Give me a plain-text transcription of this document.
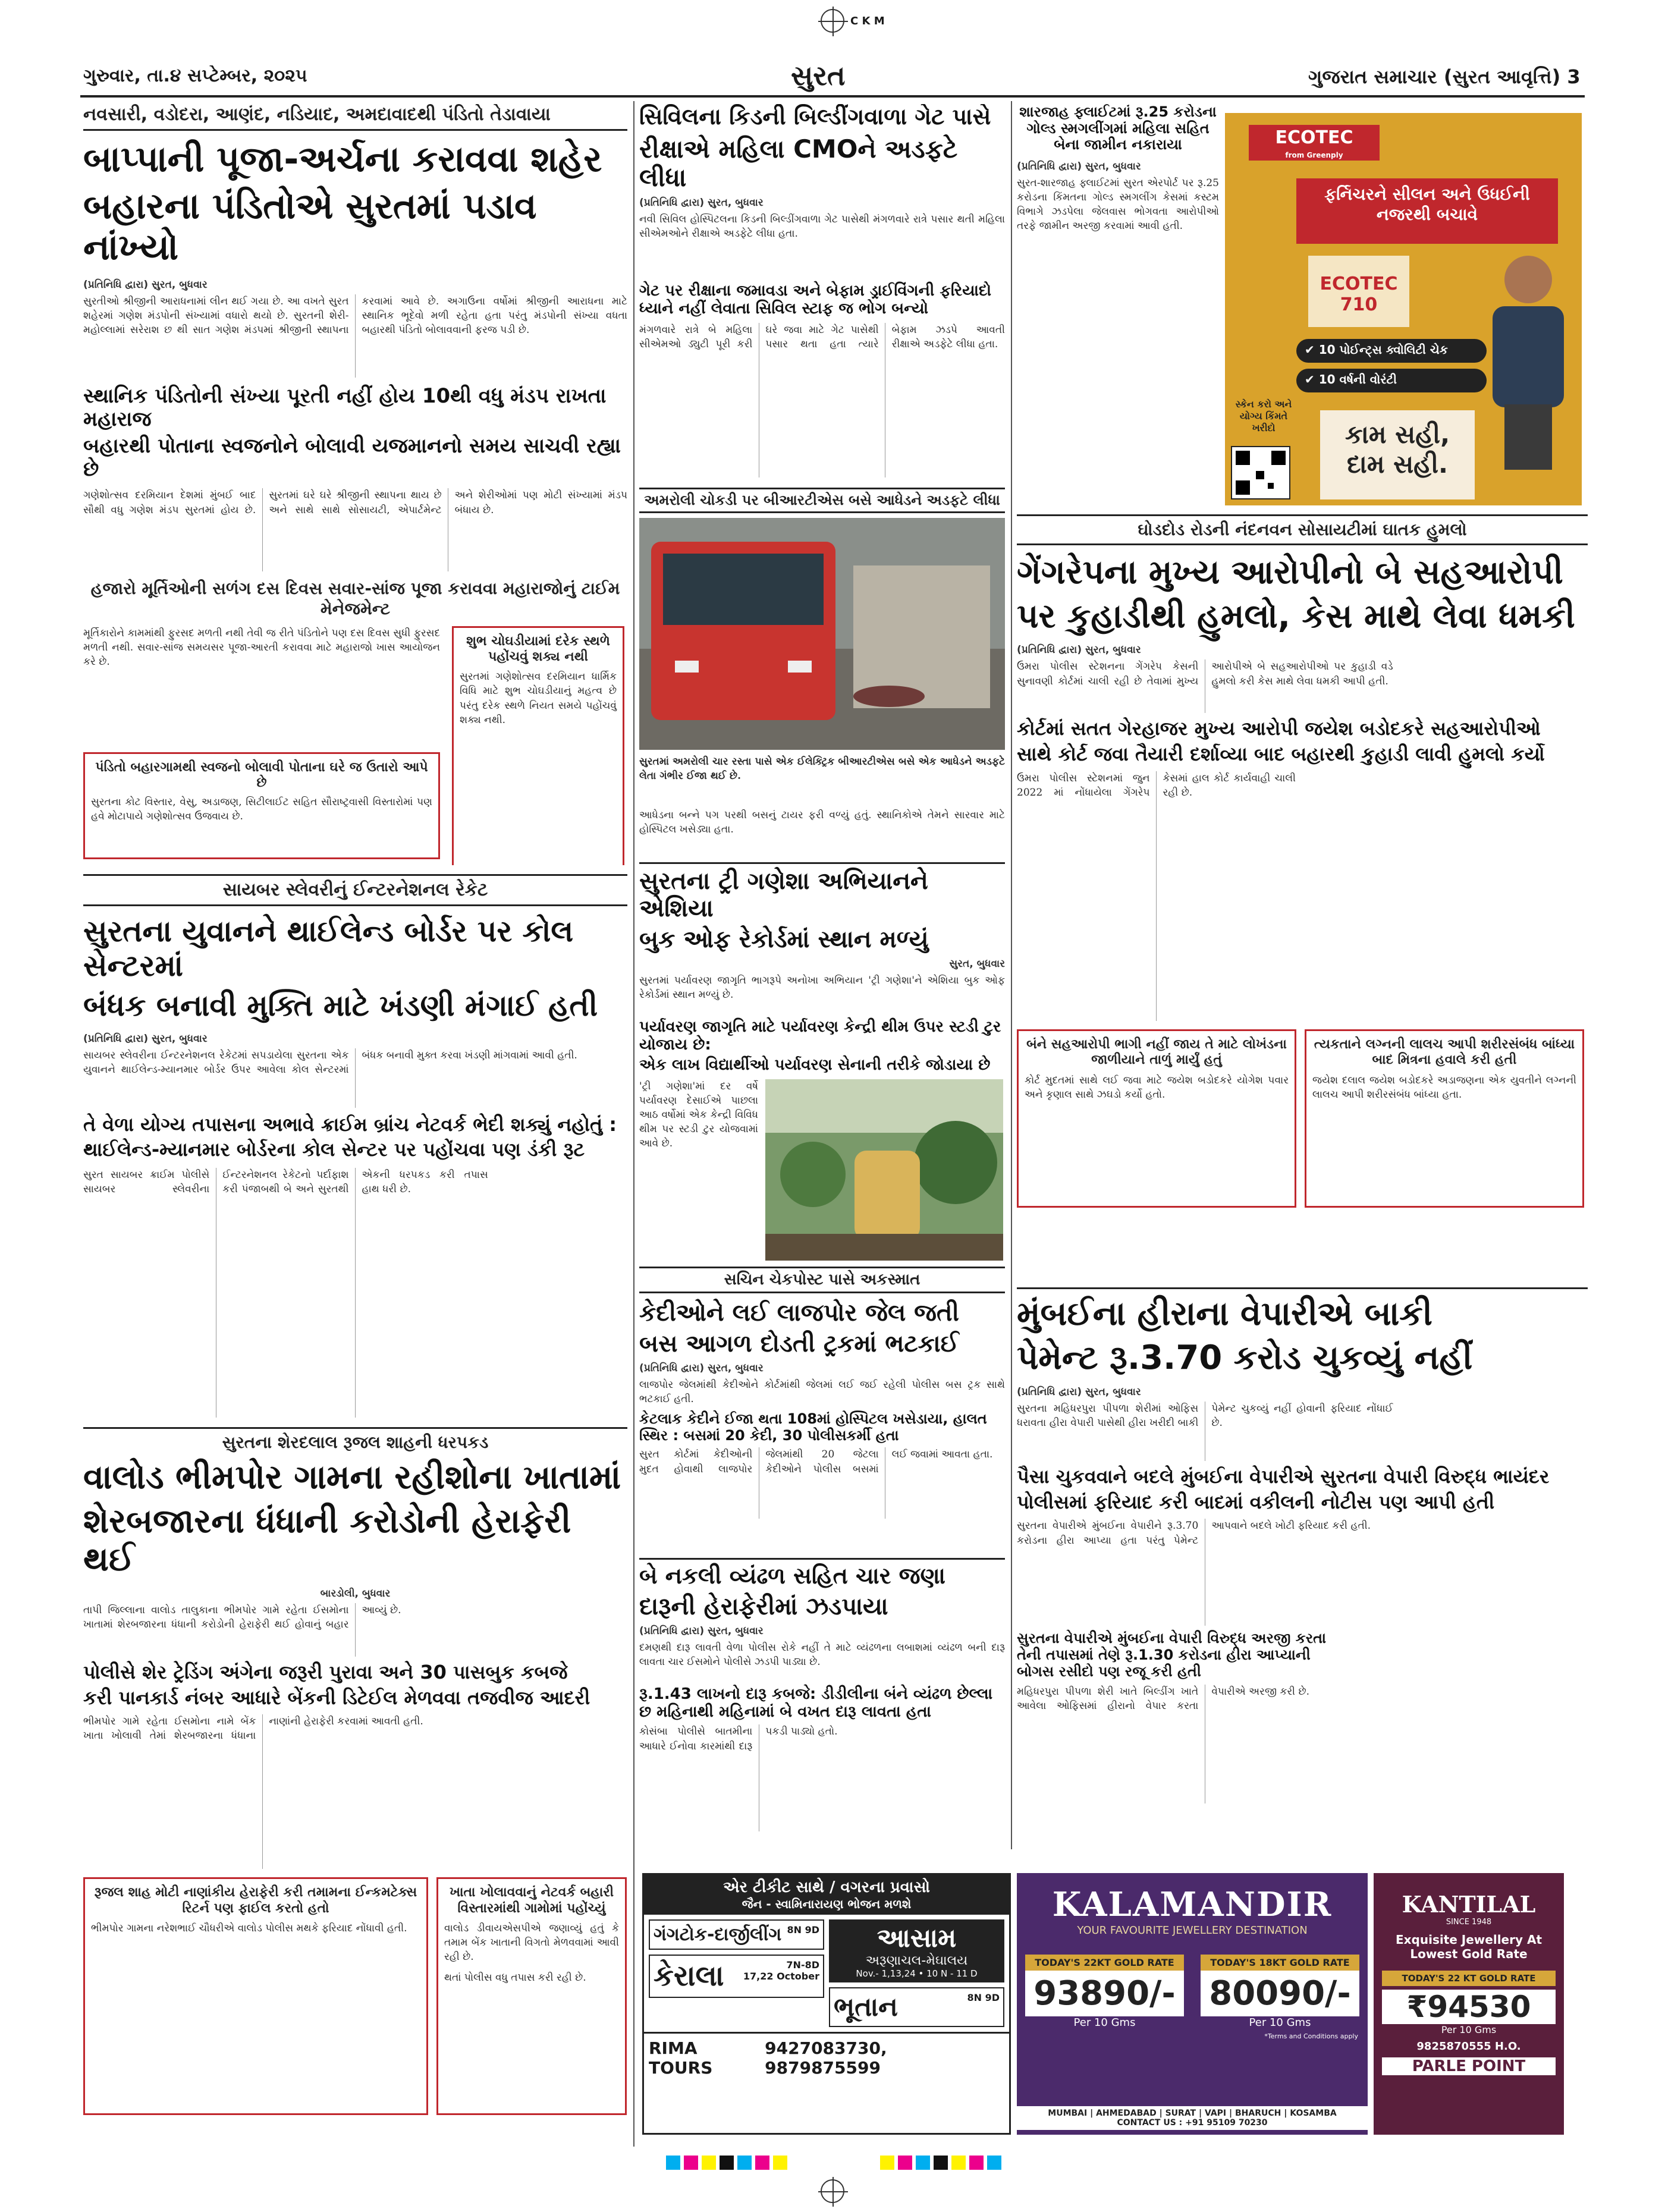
C K M
ગુરુવાર, તા.૪ સપ્ટેમ્બર, ૨૦૨૫	સુરત	ગુજરાત સમાચાર (સુરત આવૃત્તિ) 3
નવસારી, વડોદરા, આણંદ, નડિયાદ, અમદાવાદથી પંડિતો તેડાવાયા
બાપ્પાની પૂજા-અર્ચના કરાવવા શહેર
બહારના પંડિતોએ સુરતમાં પડાવ નાંખ્યો
(પ્રતિનિધિ દ્વારા) સુરત, બુધવાર
સુરતીઓ શ્રીજીની આરાધનામાં લીન થઈ ગયા છે. આ વખતે સુરત શહેરમાં ગણેશ મંડપોની સંખ્યામાં વધારો થયો છે. સુરતની શેરી-મહોલ્લામાં સરેરાશ છ થી સાત ગણેશ મંડપમાં શ્રીજીની સ્થાપના કરવામાં આવે છે. અગાઉના વર્ષોમાં શ્રીજીની આરાધના માટે સ્થાનિક ભૂદેવો મળી રહેતા હતા પરંતુ મંડપોની સંખ્યા વધતા બહારથી પંડિતો બોલાવવાની ફરજ પડી છે.
સ્થાનિક પંડિતોની સંખ્યા પૂરતી નહીં હોય 10થી વધુ મંડપ રાખતા મહારાજ
બહારથી પોતાના સ્વજનોને બોલાવી યજમાનનો સમય સાચવી રહ્યા છે
ગણેશોત્સવ દરમિયાન દેશમાં મુંબઈ બાદ સૌથી વધુ ગણેશ મંડપ સુરતમાં હોય છે. સુરતમાં ઘરે ઘરે શ્રીજીની સ્થાપના થાય છે અને સાથે સાથે સોસાયટી, એપાર્ટમેન્ટ અને શેરીઓમાં પણ મોટી સંખ્યામાં મંડપ બંધાય છે.
હજારો મૂર્તિઓની સળંગ દસ દિવસ સવાર-સાંજ પૂજા કરાવવા મહારાજોનું ટાઈમ મેનેજમેન્ટ
મૂર્તિકારોને કામમાંથી ફુરસદ મળતી નથી તેવી જ રીતે પંડિતોને પણ દસ દિવસ સુધી ફુરસદ મળતી નથી. સવાર-સાંજ સમયસર પૂજા-આરતી કરાવવા માટે મહારાજો ખાસ આયોજન કરે છે.
શુભ ચોઘડીયામાં દરેક સ્થળે પહોંચવું શક્ય નથી
સુરતમાં ગણેશોત્સવ દરમિયાન ધાર્મિક વિધિ માટે શુભ ચોઘડીયાનું મહત્વ છે પરંતુ દરેક સ્થળે નિયત સમયે પહોંચવું શક્ય નથી.
પંડિતો બહારગામથી સ્વજનો બોલાવી પોતાના ઘરે જ ઉતારો આપે છે
સુરતના કોટ વિસ્તાર, વેસુ, અડાજણ, સિટીલાઈટ સહિત સૌરાષ્ટ્રવાસી વિસ્તારોમાં પણ હવે મોટાપાયે ગણેશોત્સવ ઉજવાય છે.
સાયબર સ્લેવરીનું ઈન્ટરનેશનલ રેકેટ
સુરતના યુવાનને થાઈલેન્ડ બોર્ડર પર કોલ સેન્ટરમાં
બંધક બનાવી મુક્તિ માટે ખંડણી મંગાઈ હતી
(પ્રતિનિધિ દ્વારા) સુરત, બુધવાર
સાયબર સ્લેવરીના ઈન્ટરનેશનલ રેકેટમાં સપડાયેલા સુરતના એક યુવાનને થાઈલેન્ડ-મ્યાનમાર બોર્ડર ઉપર આવેલા કોલ સેન્ટરમાં બંધક બનાવી મુક્ત કરવા ખંડણી માંગવામાં આવી હતી.
તે વેળા યોગ્ય તપાસના અભાવે ક્રાઈમ બ્રાંચ નેટવર્ક ભેદી શક્યું નહોતું :
થાઈલેન્ડ-મ્યાનમાર બોર્ડરના કોલ સેન્ટર પર પહોંચવા પણ ડંકી રૂટ
સુરત સાયબર ક્રાઈમ પોલીસે સાયબર સ્લેવરીના ઈન્ટરનેશનલ રેકેટનો પર્દાફાશ કરી પંજાબથી બે અને સુરતથી એકની ધરપકડ કરી તપાસ હાથ ધરી છે.
સુરતના શેરદલાલ રૂજલ શાહની ધરપકડ
વાલોડ ભીમપોર ગામના રહીશોના ખાતામાં
શેરબજારના ધંધાની કરોડોની હેરાફેરી થઈ
બારડોલી, બુધવાર
તાપી જિલ્લાના વાલોડ તાલુકાના ભીમપોર ગામે રહેતા ઈસમોના ખાતામાં શેરબજારના ધંધાની કરોડોની હેરાફેરી થઈ હોવાનું બહાર આવ્યું છે.
પોલીસે શેર ટ્રેડિંગ અંગેના જરૂરી પુરાવા અને 30 પાસબુક કબજે
કરી પાનકાર્ડ નંબર આધારે બેંકની ડિટેઈલ મેળવવા તજવીજ આદરી
ભીમપોર ગામે રહેતા ઈસમોના નામે બેંક ખાતા ખોલાવી તેમાં શેરબજારના ધંધાના નાણાંની હેરાફેરી કરવામાં આવતી હતી.
રૂજલ શાહ મોટી નાણાંકીય હેરાફેરી કરી તમામના ઈન્કમટેક્સ રિટર્ન પણ ફાઈલ કરતો હતો
ભીમપોર ગામના નરેશભાઈ ચૌધરીએ વાલોડ પોલીસ મથકે ફરિયાદ નોંધાવી હતી.
ખાતા ખોલાવવાનું નેટવર્ક બહારી વિસ્તારમાંથી ગામોમાં પહોંચ્યું
વાલોડ ડીવાયએસપીએ જણાવ્યું હતું કે તમામ બેંક ખાતાની વિગતો મેળવવામાં આવી રહી છે.
થતાં પોલીસ વધુ તપાસ કરી રહી છે.
સિવિલના કિડની બિલ્ડીંગવાળા ગેટ પાસે
રીક્ષાએ મહિલા CMOને અડફટે લીધા
(પ્રતિનિધિ દ્વારા) સુરત, બુધવાર
નવી સિવિલ હોસ્પિટલના કિડની બિલ્ડીંગવાળા ગેટ પાસેથી મંગળવારે રાત્રે પસાર થતી મહિલા સીએમઓને રીક્ષાએ અડફેટે લીધા હતા.
ગેટ પર રીક્ષાના જમાવડા અને બેફામ ડ્રાઈવિંગની ફરિયાદો ધ્યાને નહીં લેવાતા સિવિલ સ્ટાફ જ ભોગ બન્યો
મંગળવારે રાત્રે બે મહિલા સીએમઓ ડ્યુટી પૂરી કરી ઘરે જવા માટે ગેટ પાસેથી પસાર થતા હતા ત્યારે બેફામ ઝડપે આવતી રીક્ષાએ અડફેટે લીધા હતા.
અમરોલી ચોકડી પર બીઆરટીએસ બસે આધેડને અડફટે લીધા
સુરતમાં અમરોલી ચાર રસ્તા પાસે એક ઈલેક્ટ્રિક બીઆરટીએસ બસે એક આધેડને અડફટે લેતા ગંભીર ઈજા થઈ છે.
આધેડના બન્ને પગ પરથી બસનું ટાયર ફરી વળ્યું હતું. સ્થાનિકોએ તેમને સારવાર માટે હોસ્પિટલ ખસેડ્યા હતા.
સુરતના ટ્રી ગણેશા અભિયાનને એશિયા
બુક ઓફ રેકોર્ડમાં સ્થાન મળ્યું
સુરત, બુધવાર
સુરતમાં પર્યાવરણ જાગૃતિ ભાગરૂપે અનોખા અભિયાન 'ટ્રી ગણેશા'ને એશિયા બુક ઓફ રેકોર્ડમાં સ્થાન મળ્યું છે.
પર્યાવરણ જાગૃતિ માટે પર્યાવરણ કેન્દ્રી થીમ ઉપર સ્ટડી ટુર યોજાય છે:
એક લાખ વિદ્યાર્થીઓ પર્યાવરણ સેનાની તરીકે જોડાયા છે
'ટ્રી ગણેશા'માં દર વર્ષે પર્યાવરણ દેસાઈએ પાછલા આઠ વર્ષોમાં એક કેન્દ્રી વિવિધ થીમ પર સ્ટડી ટુર યોજવામાં આવે છે.
સચિન ચેકપોસ્ટ પાસે અકસ્માત
કેદીઓને લઈ લાજપોર જેલ જતી
બસ આગળ દોડતી ટ્રકમાં ભટકાઈ
(પ્રતિનિધિ દ્વારા) સુરત, બુધવાર
લાજપોર જેલમાંથી કેદીઓને કોર્ટમાંથી જેલમાં લઈ જઈ રહેલી પોલીસ બસ ટ્રક સાથે ભટકાઈ હતી.
કેટલાક કેદીને ઈજા થતા 108માં હોસ્પિટલ ખસેડાયા, હાલત સ્થિર : બસમાં 20 કેદી, 30 પોલીસકર્મી હતા
સુરત કોર્ટમાં કેદીઓની મુદત હોવાથી લાજપોર જેલમાંથી 20 જેટલા કેદીઓને પોલીસ બસમાં લઈ જવામાં આવતા હતા.
બે નકલી વ્યંઢળ સહિત ચાર જણા
દારૂની હેરાફેરીમાં ઝડપાયા
(પ્રતિનિધિ દ્વારા) સુરત, બુધવાર
દમણથી દારૂ લાવતી વેળા પોલીસ રોકે નહીં તે માટે વ્યંઢળના લબાશમાં વ્યંઢળ બની દારૂ લાવતા ચાર ઈસમોને પોલીસે ઝડપી પાડ્યા છે.
રૂ.1.43 લાખનો દારૂ કબજે: ડીડીલીના બંને વ્યંઢળ છેલ્લા છ મહિનાથી મહિનામાં બે વખત દારૂ લાવતા હતા
કોસંબા પોલીસે બાતમીના આધારે ઈનોવા કારમાંથી દારૂ પકડી પાડ્યો હતો.
શારજાહ ફ્લાઈટમાં રૂ.25 કરોડના ગોલ્ડ સ્મગલીંગમાં મહિલા સહિત બેના જામીન નકારાયા
(પ્રતિનિધિ દ્વારા) સુરત, બુધવાર
સુરત-શારજાહ ફ્લાઈટમાં સુરત એરપોર્ટ પર રૂ.25 કરોડના કિંમતના ગોલ્ડ સ્મગલીંગ કેસમાં કસ્ટમ વિભાગે ઝડપેલા જેલવાસ ભોગવતા આરોપીઓ તરફે જામીન અરજી કરવામાં આવી હતી.
ECOTEC
from Greenply
ફર્નિચરને સીલન અને ઉધઈની નજરથી બચાવે
ECOTEC 710
✔ 10 પોઈન્ટ્સ ક્વોલિટી ચેક
✔ 10 વર્ષની વોરંટી
સ્કેન કરો અને યોગ્ય કિંમતે ખરીદો	કામ સહી,
દામ સહી.
ઘોડદોડ રોડની નંદનવન સોસાયટીમાં ઘાતક હુમલો
ગેંગરેપના મુખ્ય આરોપીનો બે સહઆરોપી
પર કુહાડીથી હુમલો, કેસ માથે લેવા ધમકી
(પ્રતિનિધિ દ્વારા) સુરત, બુધવાર
ઉમરા પોલીસ સ્ટેશનના ગેંગરેપ કેસની સુનાવણી કોર્ટમાં ચાલી રહી છે તેવામાં મુખ્ય આરોપીએ બે સહઆરોપીઓ પર કુહાડી વડે હુમલો કરી કેસ માથે લેવા ધમકી આપી હતી.
કોર્ટમાં સતત ગેરહાજર મુખ્ય આરોપી જયેશ બડોદકરે સહઆરોપીઓ
સાથે કોર્ટ જવા તૈયારી દર્શાવ્યા બાદ બહારથી કુહાડી લાવી હુમલો કર્યો
ઉમરા પોલીસ સ્ટેશનમાં જુન 2022 માં નોંધાયેલા ગેંગરેપ કેસમાં હાલ કોર્ટ કાર્યવાહી ચાલી રહી છે.
બંને સહઆરોપી ભાગી નહીં જાય તે માટે લોખંડના જાળીયાને તાળું માર્યું હતું
કોર્ટ મુદતમાં સાથે લઈ જવા માટે જયેશ બડોદકરે યોગેશ પવાર અને કૃણાલ સાથે ઝઘડો કર્યો હતો.
ત્યકતાને લગ્નની લાલચ આપી શરીરસંબંધ બાંધ્યા બાદ મિત્રના હવાલે કરી હતી
જયેશ દલાલ જયેશ બડોદકરે અડાજણના એક યુવતીને લગ્નની લાલચ આપી શરીરસંબંધ બાંધ્યા હતા.
મુંબઈના હીરાના વેપારીએ બાકી
પેમેન્ટ રૂ.3.70 કરોડ ચુકવ્યું નહીં
(પ્રતિનિધિ દ્વારા) સુરત, બુધવાર
સુરતના મહિધરપુરા પીપળા શેરીમાં ઓફિસ ધરાવતા હીરા વેપારી પાસેથી હીરા ખરીદી બાકી પેમેન્ટ ચુકવ્યું નહીં હોવાની ફરિયાદ નોંધાઈ છે.
પૈસા ચુકવવાને બદલે મુંબઈના વેપારીએ સુરતના વેપારી વિરુદ્ધ ભાયંદર
પોલીસમાં ફરિયાદ કરી બાદમાં વકીલની નોટીસ પણ આપી હતી
સુરતના વેપારીએ મુંબઈના વેપારીને રૂ.3.70 કરોડના હીરા આપ્યા હતા પરંતુ પેમેન્ટ આપવાને બદલે ખોટી ફરિયાદ કરી હતી.
સુરતના વેપારીએ મુંબઈના વેપારી વિરુદ્ધ અરજી કરતા તેની તપાસમાં તેણે રૂ.1.30 કરોડના હીરા આપ્યાની બોગસ રસીદો પણ રજૂ કરી હતી
મહિધરપુરા પીપળા શેરી ખાતે બિલ્ડીંગ ખાતે આવેલા ઓફિસમાં હીરાનો વેપાર કરતા વેપારીએ અરજી કરી છે.
એર ટીકીટ સાથે / વગરના પ્રવાસો
જૈન - સ્વામિનારાયણ ભોજન મળશે
ગંગટોક-દાર્જીલીંગ 8N 9D
કેરાલા	7N-8D
17,22 October
આસામ
અરૂણાચલ-મેઘાલય
Nov.- 1,13,24 • 10 N - 11 D
ભૂતાન	8N 9D
RIMA TOURS
9427083730, 9879875599
KALAMANDIR
YOUR FAVOURITE JEWELLERY DESTINATION
TODAY'S 22KT GOLD RATE
93890/-
Per 10 Gms
TODAY'S 18KT GOLD RATE
80090/-
Per 10 Gms
*Terms and Conditions apply
MUMBAI | AHMEDABAD | SURAT | VAPI | BHARUCH | KOSAMBA
CONTACT US : +91 95109 70230
KANTILAL
SINCE 1948
Exquisite Jewellery At Lowest Gold Rate
TODAY'S 22 KT GOLD RATE
₹94530
Per 10 Gms
9825870555 H.O.
PARLE POINT
